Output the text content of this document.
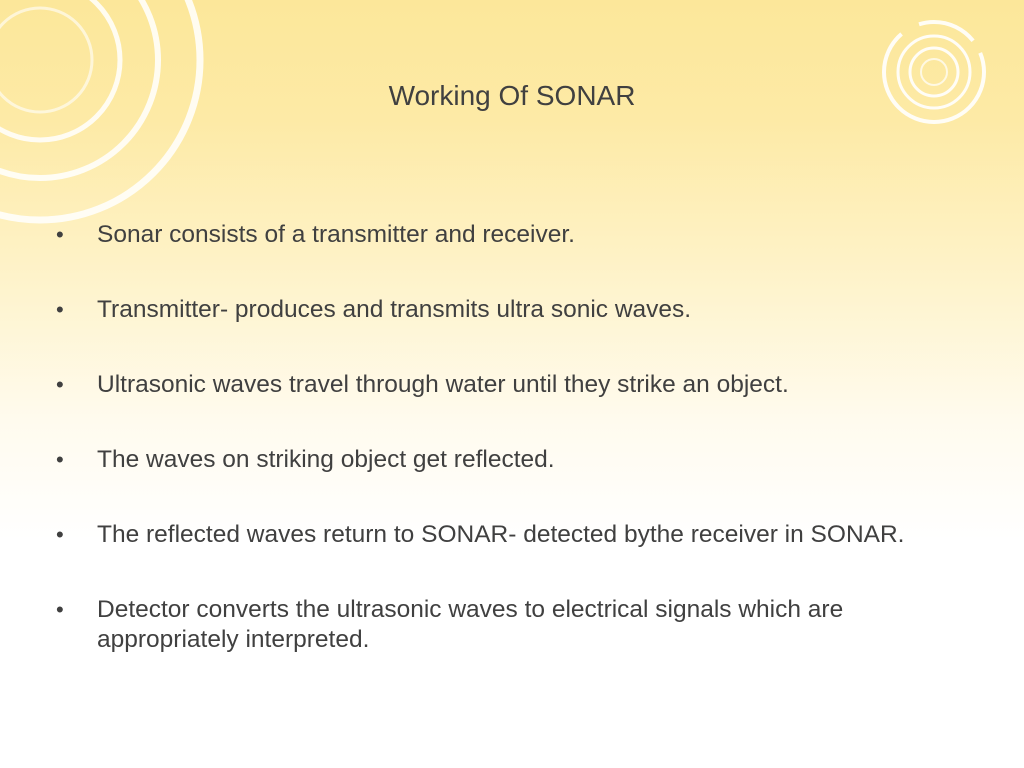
Working Of SONAR
• Sonar consists of a transmitter and receiver.
• Transmitter- produces and transmits ultra sonic waves.
• Ultrasonic waves travel through water until they strike an object.
• The waves on striking object get reflected.
• The reflected waves return to SONAR- detected bythe receiver in SONAR.
• Detector converts the ultrasonic waves to electrical signals which are appropriately interpreted.
